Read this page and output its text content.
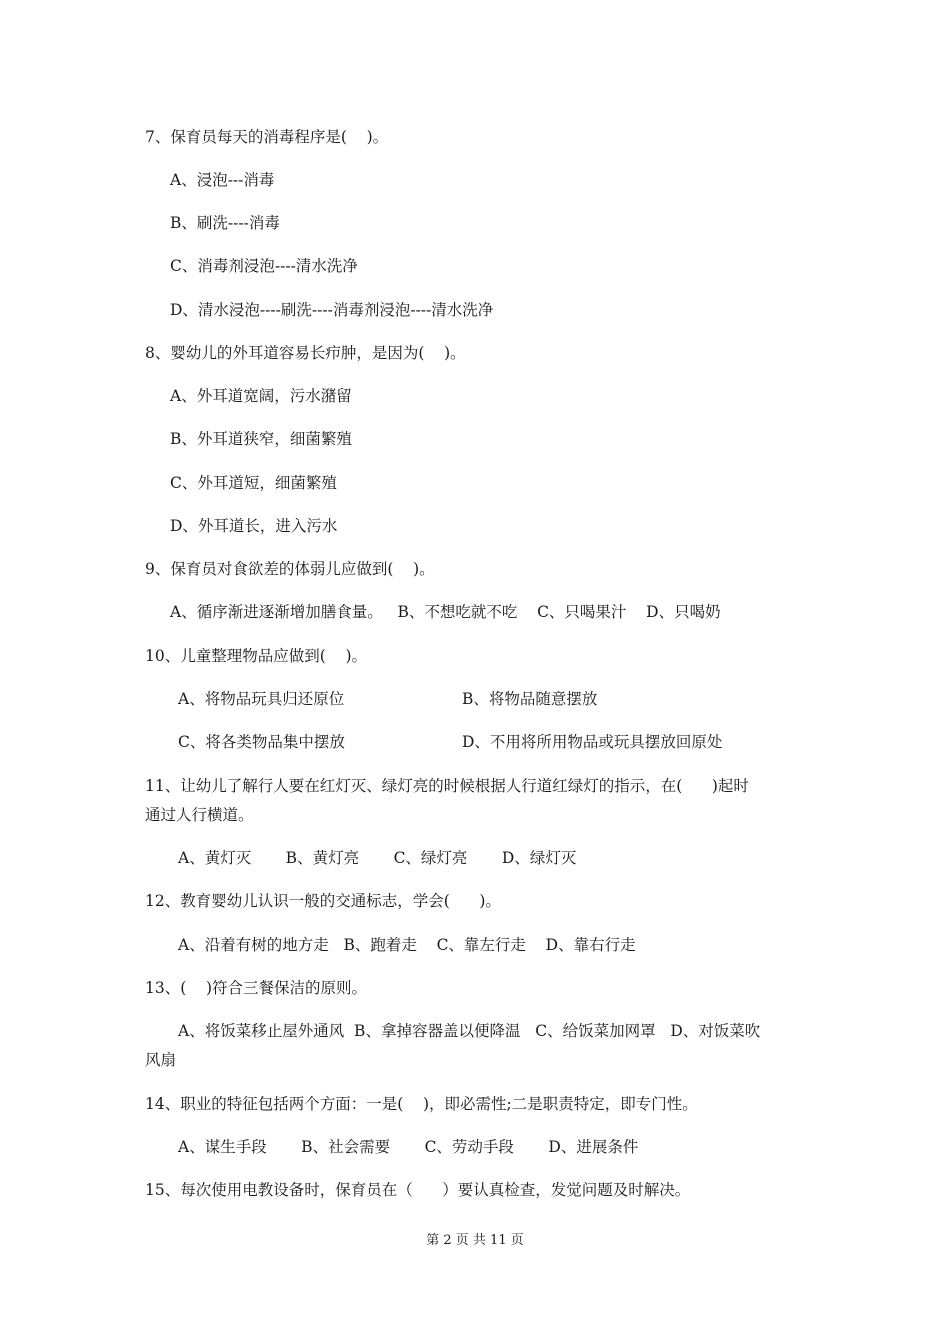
7、保育员每天的消毒程序是(    )。
A、浸泡---消毒
B、刷洗----消毒
C、消毒剂浸泡----清水洗净
D、清水浸泡----刷洗----消毒剂浸泡----清水洗净
8、婴幼儿的外耳道容易长疖肿，是因为(    )。
A、外耳道宽阔，污水潴留
B、外耳道狭窄，细菌繁殖
C、外耳道短，细菌繁殖
D、外耳道长，进入污水
9、保育员对食欲差的体弱儿应做到(    )。
A、循序渐进逐渐增加膳食量。   B、不想吃就不吃    C、只喝果汁    D、只喝奶
10、儿童整理物品应做到(    )。
A、将物品玩具归还原位	B、将物品随意摆放
C、将各类物品集中摆放	D、不用将所用物品或玩具摆放回原处
11、让幼儿了解行人要在红灯灭、绿灯亮的时候根据人行道红绿灯的指示，在(      )起时
通过人行横道。
A、黄灯灭       B、黄灯亮       C、绿灯亮       D、绿灯灭
12、教育婴幼儿认识一般的交通标志，学会(      )。
A、沿着有树的地方走   B、跑着走    C、靠左行走    D、靠右行走
13、(    )符合三餐保洁的原则。
A、将饭菜移止屋外通风  B、拿掉容器盖以便降温   C、给饭菜加网罩   D、对饭菜吹
风扇
14、职业的特征包括两个方面：一是(    )，即必需性;二是职责特定，即专门性。
A、谋生手段       B、社会需要       C、劳动手段       D、进展条件
15、每次使用电教设备时，保育员在（      ）要认真检查，发觉问题及时解决。
第 2 页 共 11 页
